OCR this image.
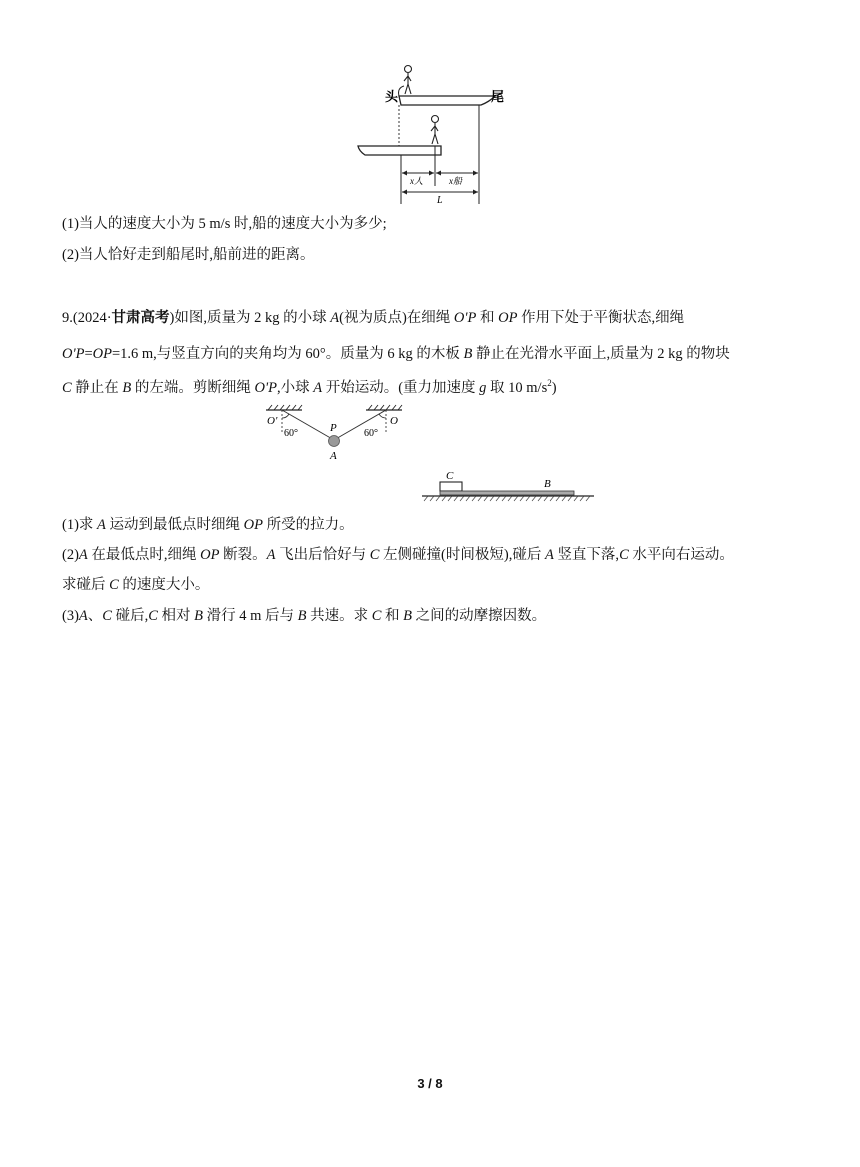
头	尾
x人	x船
L
(1)当人的速度大小为 5 m/s 时,船的速度大小为多少;
(2)当人恰好走到船尾时,船前进的距离。
9.(2024·甘肃高考)如图,质量为 2 kg 的小球 A(视为质点)在细绳 O'P 和 OP 作用下处于平衡状态,细绳
O'P=OP=1.6 m,与竖直方向的夹角均为 60°。质量为 6 kg 的木板 B 静止在光滑水平面上,质量为 2 kg 的物块
C 静止在 B 的左端。剪断细绳 O'P,小球 A 开始运动。(重力加速度 g 取 10 $m/s^2$)
O'	O
60°	60°
P
A
C
B
(1)求 A 运动到最低点时细绳 OP 所受的拉力。
(2)A 在最低点时,细绳 OP 断裂。A 飞出后恰好与 C 左侧碰撞(时间极短),碰后 A 竖直下落,C 水平向右运动。
求碰后 C 的速度大小。
(3)A、C 碰后,C 相对 B 滑行 4 m 后与 B 共速。求 C 和 B 之间的动摩擦因数。
3 / 8
